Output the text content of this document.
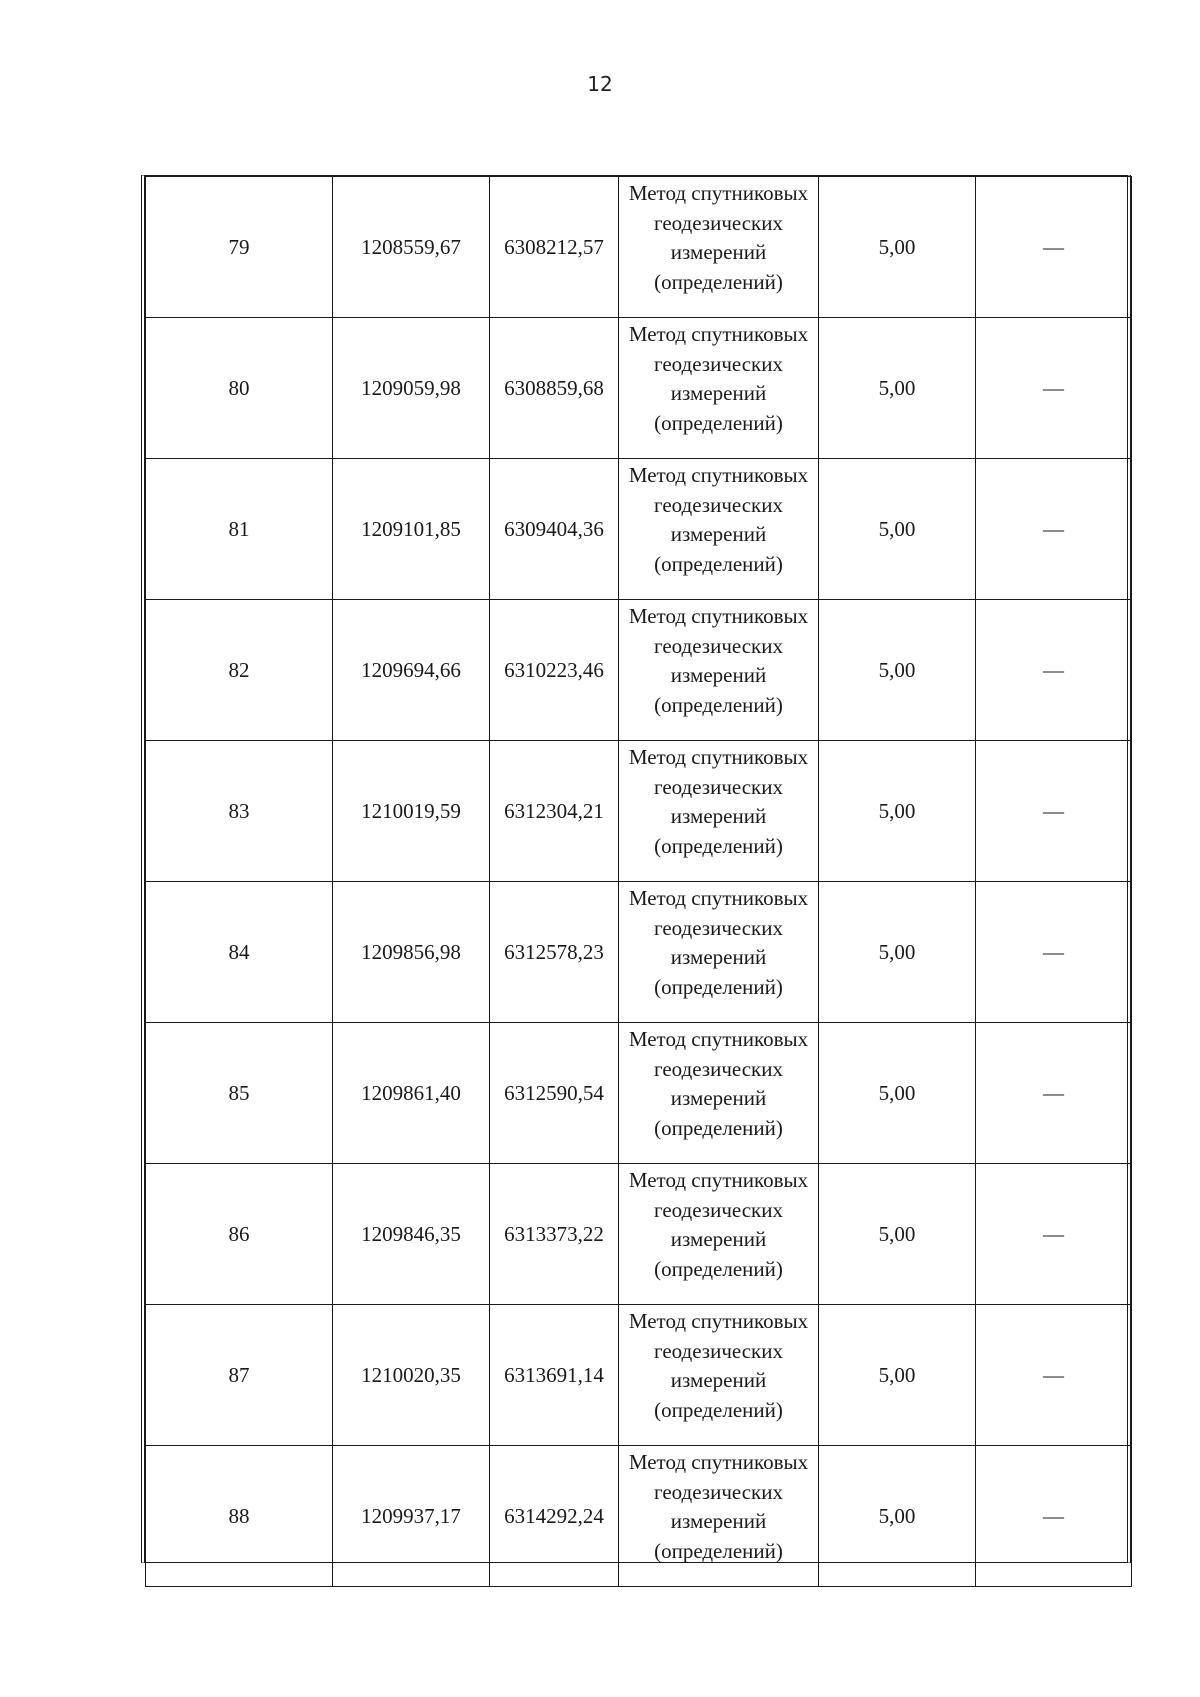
12
79	1208559,67	6308212,57	Метод спутниковых геодезических измерений (определений)	5,00	—
80	1209059,98	6308859,68	Метод спутниковых геодезических измерений (определений)	5,00	—
81	1209101,85	6309404,36	Метод спутниковых геодезических измерений (определений)	5,00	—
82	1209694,66	6310223,46	Метод спутниковых геодезических измерений (определений)	5,00	—
83	1210019,59	6312304,21	Метод спутниковых геодезических измерений (определений)	5,00	—
84	1209856,98	6312578,23	Метод спутниковых геодезических измерений (определений)	5,00	—
85	1209861,40	6312590,54	Метод спутниковых геодезических измерений (определений)	5,00	—
86	1209846,35	6313373,22	Метод спутниковых геодезических измерений (определений)	5,00	—
87	1210020,35	6313691,14	Метод спутниковых геодезических измерений (определений)	5,00	—
88	1209937,17	6314292,24	Метод спутниковых геодезических измерений (определений)	5,00	—
